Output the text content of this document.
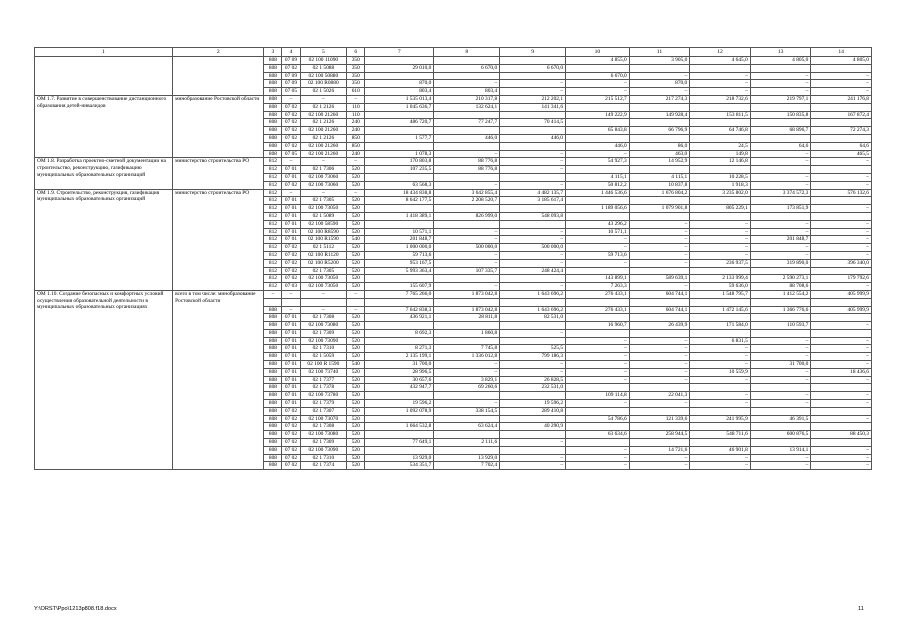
1	2	3	4	5	6	7	8	9	10	11	12	13	14
		808	07 09	02 100 11090	350				4 855,0	3 905,0	4 645,0	4 805,0	4 805,0
		808	07 02	02 1 5088	350	29 010,0	6 670,0	6 670,0					
		808	07 09	02 100 50880	350				6 670,0	–	–	–	–
		808	07 09	02 100 R0880	350	870,0	–	–	–	870,0	–	–	–
		808	07 05	02 1 5026	610	803,4	803,4	–	–	–	–	–	–
ОМ 1.7. Развитие в совершенствование дистанционного образования детей-инвалидов	минобразование Ростовской области	808	–	–	–	1 535 013,4	210 317,8	212 202,1	215 512,7	217 274,3	218 732,6	219 797,1	241 176,8
		808	07 02	02 1 2126	110	1 045 636,7	132 624,1	141 341,6					
		808	07 02	02 100 21260	110				149 222,9	149 928,4	153 811,5	150 835,8	167 872,4
		808	07 02	02 1 2126	240	486 720,7	77 247,7	70 414,5					
		808	07 02	02 100 21260	240				65 843,8	66 796,9	64 746,8	68 896,7	72 274,3
		808	07 02	02 1 2126	850	1 577,7	446,0	446,0					
		808	07 02	02 100 21260	850				446,0	86,0	24,5	64,6	64,6
		808	07 05	02 100 21260	240	1 078,3	–	–	–	463,0	149,8	–	465,5
ОМ 1.8. Разработка проектно-сметной документации на строительство, реконструкцию, газификацию муниципальных образовательных организаций	министерство строительства РО	812	–	–	–	170 803,8	88 776,8	–	54 927,3	14 952,9	12 146,8	–	–
		812	07 01	02 1 7306	520	107 235,5	88 776,8	–					
		812	07 01	02 100 73060	520				4 115,1	4 115,1	10 228,5	–	–
		812	07 02	02 100 73060	520	63 568,3	–	–	50 812,2	10 837,8	1 918,3	–	–
ОМ 1.9. Строительство, реконструкция, газификация муниципальных образовательных организаций	министерство строительства РО	812	–	–	–	18 434 838,8	3 642 855,4	4 482 135,7	1 446 536,6	1 676 804,2	3 235 802,0	3 374 572,3	576 132,6
		812	07 01	02 1 7305	520	8 642 177,5	2 208 520,7	3 185 617,4					
		812	07 01	02 100 73050	520				1 189 056,6	1 079 901,8	805 229,1	173 851,9	–
		812	07 01	02 1 5089	520	1 418 389,1	826 999,0	548 093,8					
		812	07 01	02 100 58590	520				43 296,2	–	–	–	–
		812	07 01	02 100 R8590	520	10 571,1	–	–	10 571,1	–	–	–	–
		812	07 01	02 100 R1590	540	201 848,7	–	–	–	–	–	201 848,7	–
		812	07 02	02 1 5112	520	1 000 000,0	500 000,0	500 000,0	–	–	–	–	–
		812	07 02	02 100 R1120	520	59 713,6	–	–	59 713,6	–	–	–	–
		812	07 02	02 100 R5200	520	953 167,5	–	–	–	–	236 937,5	319 890,0	396 340,0
		812	07 02	02 1 7305	520	5 993 363,4	107 335,7	248 424,4					
		812	07 02	02 100 73050	520				143 899,1	589 639,1	2 133 999,4	2 590 273,1	179 792,6
		812	07 03	02 100 73050	520	155 607,9	–	–	7 263,3	–	59 636,0	88 708,6	–
ОМ 1.10. Создание безопасных и комфортных условий осуществления образовательной деятельности в муниципальных образовательных организациях	всего в том числе: минобразование Ростовской области	–	–	–	–	7 765 266,0	1 873 042,8	1 643 696,2	276 433,1	604 744,1	1 548 795,7	1 412 554,2	405 999,9

		808	–	–	–	7 642 838,3	1 873 042,8	1 643 696,2	276 433,1	604 744,1	1 472 145,6	1 366 776,6	405 999,9
		808	07 01	02 1 7308	520	436 921,1	28 811,8	82 531,0					
		808	07 01	02 100 73080	520				16 960,7	26 439,9	171 584,0	110 593,7	–
		808	07 01	02 1 7309	520	8 692,3	1 860,8	–					
		808	07 01	02 100 73090	520				–	–	6 831,5	–	–
		808	07 01	02 1 7310	520	8 271,3	7 745,8	525,5	–	–	–	–	–
		808	07 01	02 1 5059	520	2 135 199,1	1 336 012,8	799 186,3	–	–	–	–	–
		808	07 01	02 100 R 1590	540	31 700,0	–	–	–	–	–	31 700,0	–
		808	07 01	02 100 73740	520	28 996,5	–	–	–	–	10 559,9	–	18 436,6
		808	07 01	02 1 7377	520	30 657,6	3 829,1	26 828,5	–	–	–	–	–
		808	07 01	02 1 7378	520	432 947,7	69 260,6	232 531,0					
		808	07 01	02 100 73780	520				109 114,8	22 041,3	–	–	–
		808	07 01	02 1 7379	520	19 596,2	–	19 596,2	–	–	–	–	–
		808	07 02	02 1 7307	520	1 092 078,9	338 154,5	289 410,8					
		808	07 02	02 100 73070	520				54 786,6	121 339,6	241 995,9	46 391,5	–
		808	07 02	02 1 7308	520	1 664 532,8	63 624,4	40 290,9					
		808	07 02	02 100 73080	520				63 634,6	258 944,5	548 711,6	600 876,5	88 450,3
		808	07 02	02 1 7309	520	77 649,1	2 111,6	–					
		808	07 02	02 100 73090	520				–	14 721,6	46 901,8	13 914,1	–
		808	07 02	02 1 7310	520	13 929,0	13 929,0	–	–	–	–	–	–
		808	07 02	02 1 7374	520	534 351,7	7 702,4	–	–	–	–	–	–
Y:\ORST\Ppo\1213p808.f18.docx	11
